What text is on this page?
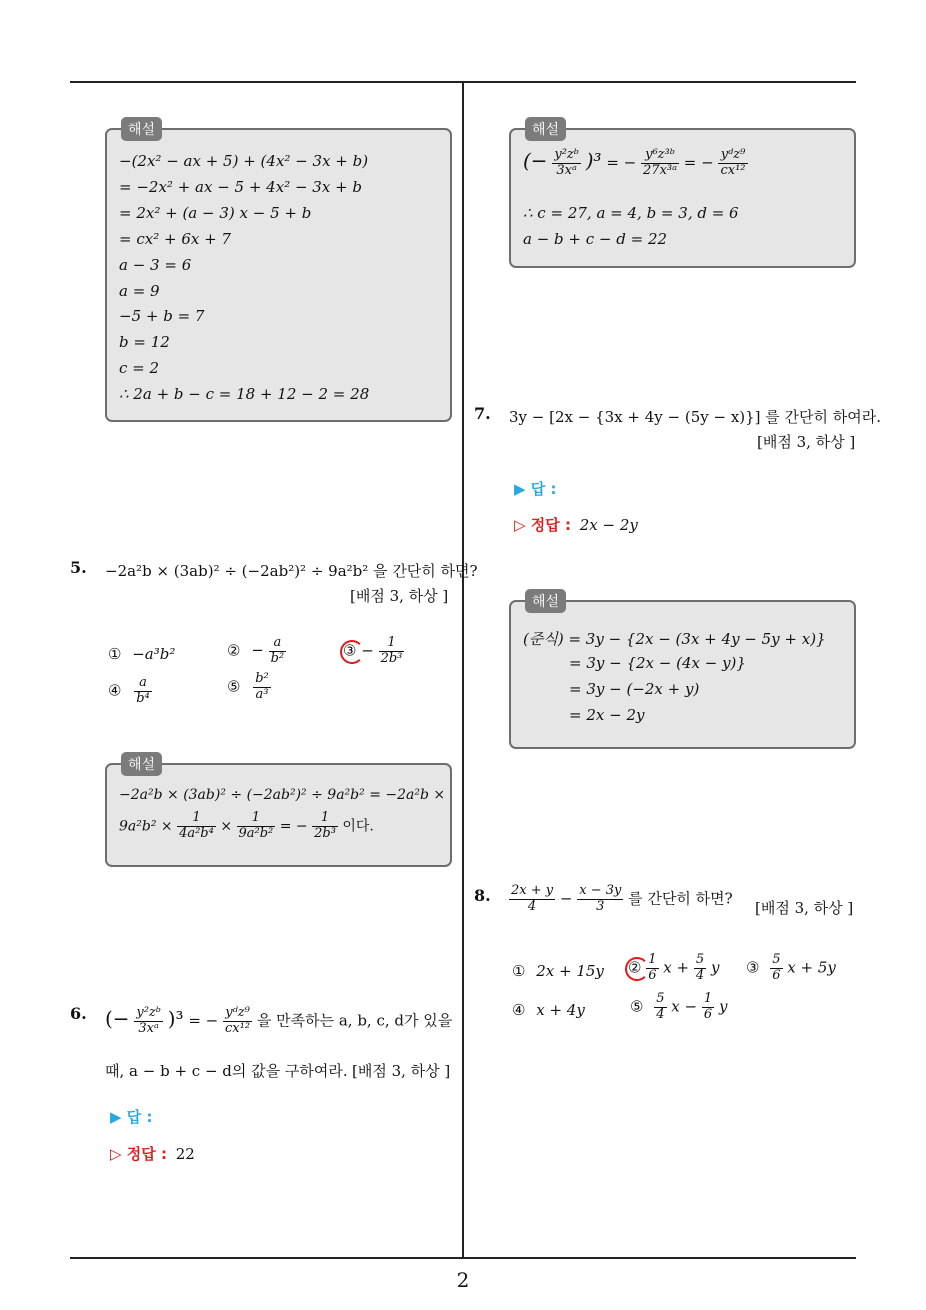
해설
−(2x² − ax + 5) + (4x² − 3x + b)
= −2x² + ax − 5 + 4x² − 3x + b
= 2x² + (a − 3) x − 5 + b
= cx² + 6x + 7
a − 3 = 6
a = 9
−5 + b = 7
b = 12
c = 2
∴ 2a + b − c = 18 + 12 − 2 = 28
5. −2a²b × (3ab)² ÷ (−2ab²)² ÷ 9a²b² 을 간단히 하면?
[배점 3, 하상 ]
① −a³b²	② − $\frac{a}{\text{b²}}$	③ − $\frac{1}{\text{2b³}}$
④ $\frac{a}{\text{b⁴}}$	⑤ $\frac{\text{b²}}{\text{a³}}$
해설
−2a²b × (3ab)² ÷ (−2ab²)² ÷ 9a²b² = −2a²b ×
$9a^2b^2 \times \frac{1}{\text{4a²b⁴}} \times \frac{1}{\text{9a²b²}}$ = − $\frac{1}{\text{2b³}}$ 이다.
6. (− $\frac{\text{y²zᵇ}}{\text{3xᵃ}} )^3$ = − $\frac{\text{yᵈz⁹}}{\text{cx¹²}}$ 을 만족하는 a, b, c, d가 있을
때, a − b + c − d의 값을 구하여라. [배점 3, 하상 ]
▶ 답 :
▷ 정답 : 22
해설
(− $\frac{\text{y²zᵇ}}{\text{3xᵃ}} )^3$ = − $\frac{\text{y⁶z³ᵇ}}{\text{27x³ᵃ}}$ = − $\frac{\text{yᵈz⁹}}{\text{cx¹²}}$
∴ c = 27, a = 4, b = 3, d = 6
a − b + c − d = 22
7. 3y − [2x − {3x + 4y − (5y − x)}] 를 간단히 하여라.
[배점 3, 하상 ]
▶ 답 :
▷ 정답 : 2x − 2y
해설
(준식) = 3y − {2x − (3x + 4y − 5y + x)}
= 3y − {2x − (4x − y)}
= 3y − (−2x + y)
= 2x − 2y
8. $\frac{2x + y}{4} - \frac{x - 3y}{3}$ 를 간단히 하면?
[배점 3, 하상 ]
① 2x + 15y ② $\frac{1}{6}$ $x + \frac{5}{4}$ y ③ $\frac{5}{6}$ x + 5y
④ x + 4y	⑤ $\frac{5}{4}$ $x - \frac{1}{6}$ y
2
